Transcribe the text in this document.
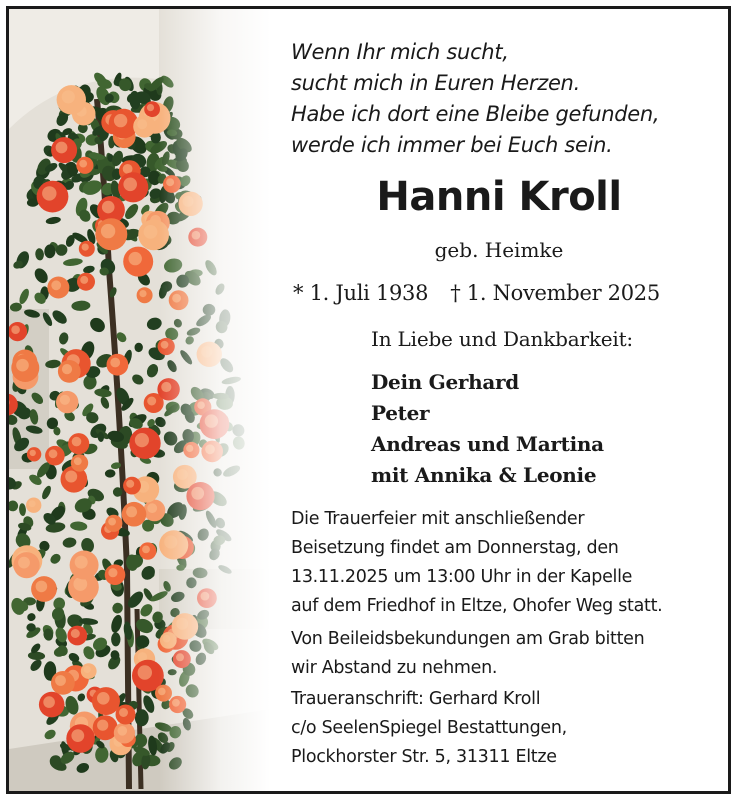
Wenn Ihr mich sucht,
sucht mich in Euren Herzen.
Habe ich dort eine Bleibe gefunden,
werde ich immer bei Euch sein.

Hanni Kroll
geb. Heimke
* 1. Juli 1938 † 1. November 2025
In Liebe und Dankbarkeit:

Dein Gerhard
Peter
Andreas und Martina
mit Annika & Leonie

Die Trauerfeier mit anschließender
Beisetzung findet am Donnerstag, den
13.11.2025 um 13:00 Uhr in der Kapelle
auf dem Friedhof in Eltze, Ohofer Weg statt.

Von Beileidsbekundungen am Grab bitten
wir Abstand zu nehmen.

Traueranschrift: Gerhard Kroll
c/o SeelenSpiegel Bestattungen,
Plockhorster Str. 5, 31311 Eltze
